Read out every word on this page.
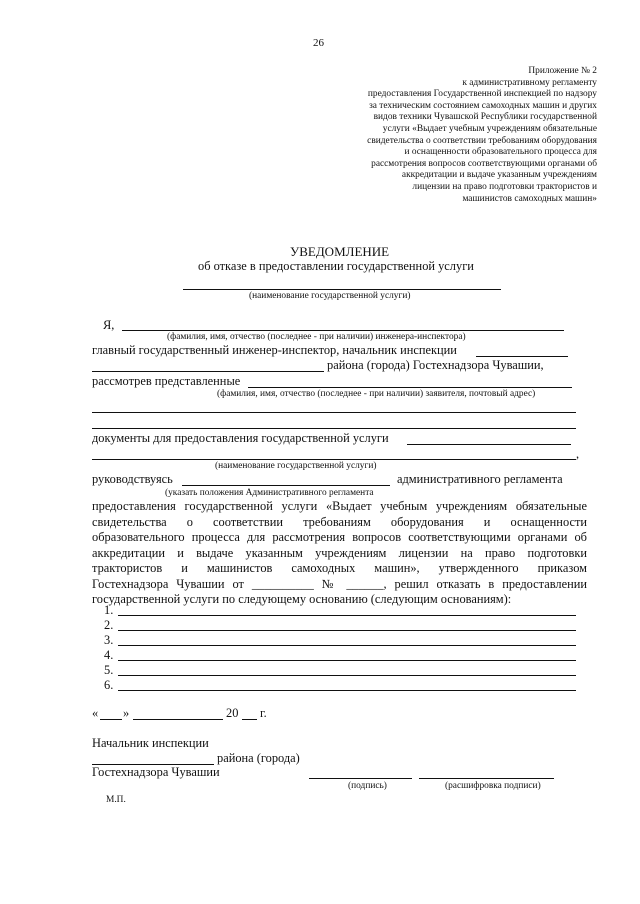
26
Приложение № 2
к административному регламенту
предоставления Государственной инспекцией по надзору
за техническим состоянием самоходных машин и других
видов техники Чувашской Республики государственной
услуги «Выдает учебным учреждениям обязательные
свидетельства о соответствии требованиям оборудования
и оснащенности образовательного процесса для
рассмотрения вопросов соответствующими органами об
аккредитации и выдаче указанным учреждениям
лицензии на право подготовки трактористов и
машинистов самоходных машин»
УВЕДОМЛЕНИЕ
об отказе в предоставлении государственной услуги
(наименование государственной услуги)
Я,
(фамилия, имя, отчество (последнее - при наличии) инженера-инспектора)
главный государственный инженер-инспектор, начальник инспекции
района (города) Гостехнадзора Чувашии,
рассмотрев представленные
(фамилия, имя, отчество (последнее - при наличии) заявителя, почтовый адрес)
документы для предоставления государственной услуги
,
(наименование государственной услуги)
руководствуясь	административного регламента
(указать положения Административного регламента
предоставления государственной услуги «Выдает учебным учреждениям обязательные
свидетельства о соответствии требованиям оборудования и оснащенности
образовательного процесса для рассмотрения вопросов соответствующими органами об
аккредитации и выдаче указанным учреждениям лицензии на право подготовки
трактористов и машинистов самоходных машин», утвержденного приказом
Гостехнадзора Чувашии от __________ № ______, решил отказать в предоставлении
государственной услуги по следующему основанию (следующим основаниям):
1.
2.
3.
4.
5.
6.
« »	20 г.
Начальник инспекции
района (города)
Гостехнадзора Чувашии
(подпись)	(расшифровка подписи)
М.П.
